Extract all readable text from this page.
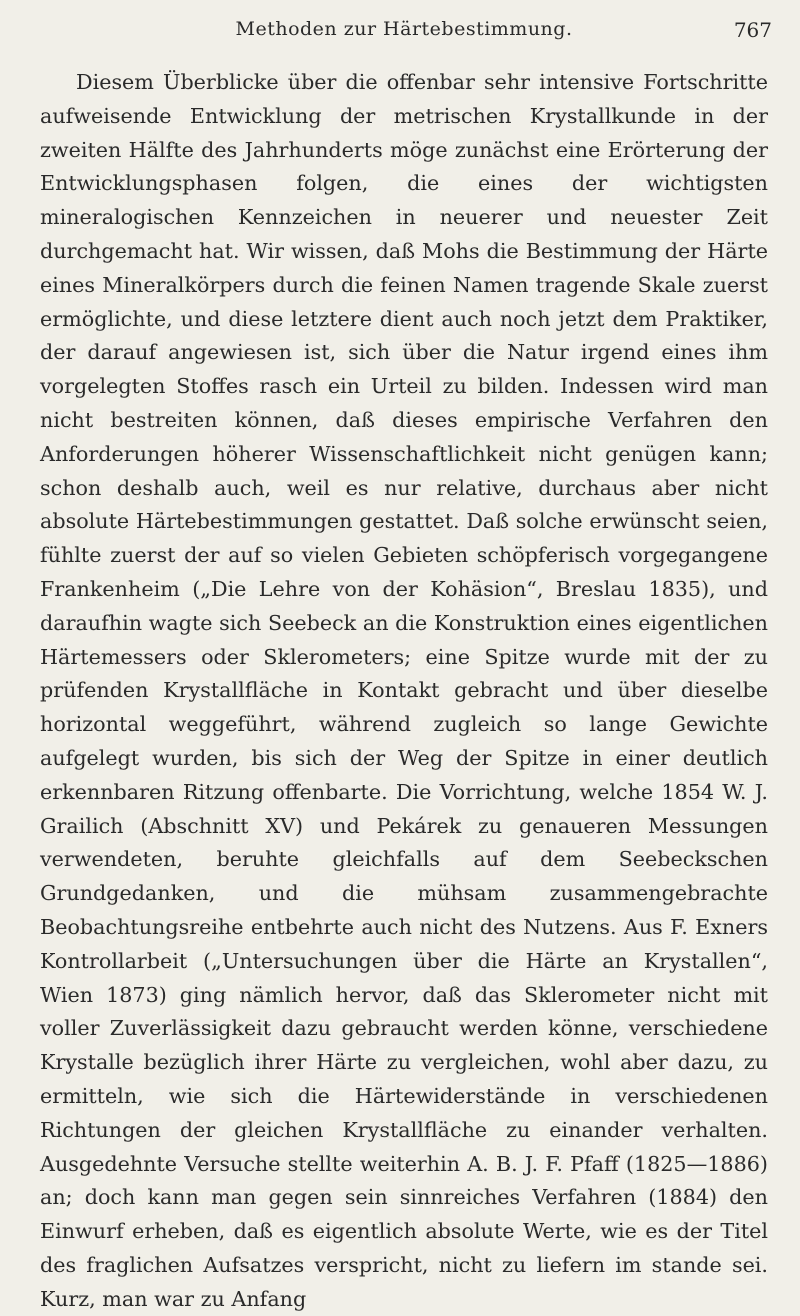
Methoden zur Härtebestimmung.	767

Diesem Überblicke über die offenbar sehr intensive Fortschritte aufweisende Entwicklung der metrischen Krystallkunde in der zweiten Hälfte des Jahrhunderts möge zunächst eine Erörterung der Entwicklungsphasen folgen, die eines der wichtigsten mineralogischen Kennzeichen in neuerer und neuester Zeit durchgemacht hat. Wir wissen, daß Mohs die Bestimmung der Härte eines Mineralkörpers durch die feinen Namen tragende Skale zuerst ermöglichte, und diese letztere dient auch noch jetzt dem Praktiker, der darauf angewiesen ist, sich über die Natur irgend eines ihm vorgelegten Stoffes rasch ein Urteil zu bilden. Indessen wird man nicht bestreiten können, daß dieses empirische Verfahren den Anforderungen höherer Wissenschaftlichkeit nicht genügen kann; schon deshalb auch, weil es nur relative, durchaus aber nicht absolute Härtebestimmungen gestattet. Daß solche erwünscht seien, fühlte zuerst der auf so vielen Gebieten schöpferisch vorgegangene Frankenheim („Die Lehre von der Kohäsion“, Breslau 1835), und daraufhin wagte sich Seebeck an die Konstruktion eines eigentlichen Härtemessers oder Sklerometers; eine Spitze wurde mit der zu prüfenden Krystallfläche in Kontakt gebracht und über dieselbe horizontal weggeführt, während zugleich so lange Gewichte aufgelegt wurden, bis sich der Weg der Spitze in einer deutlich erkennbaren Ritzung offenbarte. Die Vorrichtung, welche 1854 W. J. Grailich (Abschnitt XV) und Pekárek zu genaueren Messungen verwendeten, beruhte gleichfalls auf dem Seebeckschen Grundgedanken, und die mühsam zusammengebrachte Beobachtungsreihe entbehrte auch nicht des Nutzens. Aus F. Exners Kontrollarbeit („Untersuchungen über die Härte an Krystallen“, Wien 1873) ging nämlich hervor, daß das Sklerometer nicht mit voller Zuverlässigkeit dazu gebraucht werden könne, verschiedene Krystalle bezüglich ihrer Härte zu vergleichen, wohl aber dazu, zu ermitteln, wie sich die Härtewiderstände in verschiedenen Richtungen der gleichen Krystallfläche zu einander verhalten. Ausgedehnte Versuche stellte weiterhin A. B. J. F. Pfaff (1825—1886) an; doch kann man gegen sein sinnreiches Verfahren (1884) den Einwurf erheben, daß es eigentlich absolute Werte, wie es der Titel des fraglichen Aufsatzes verspricht, nicht zu liefern im stande sei. Kurz, man war zu Anfang
